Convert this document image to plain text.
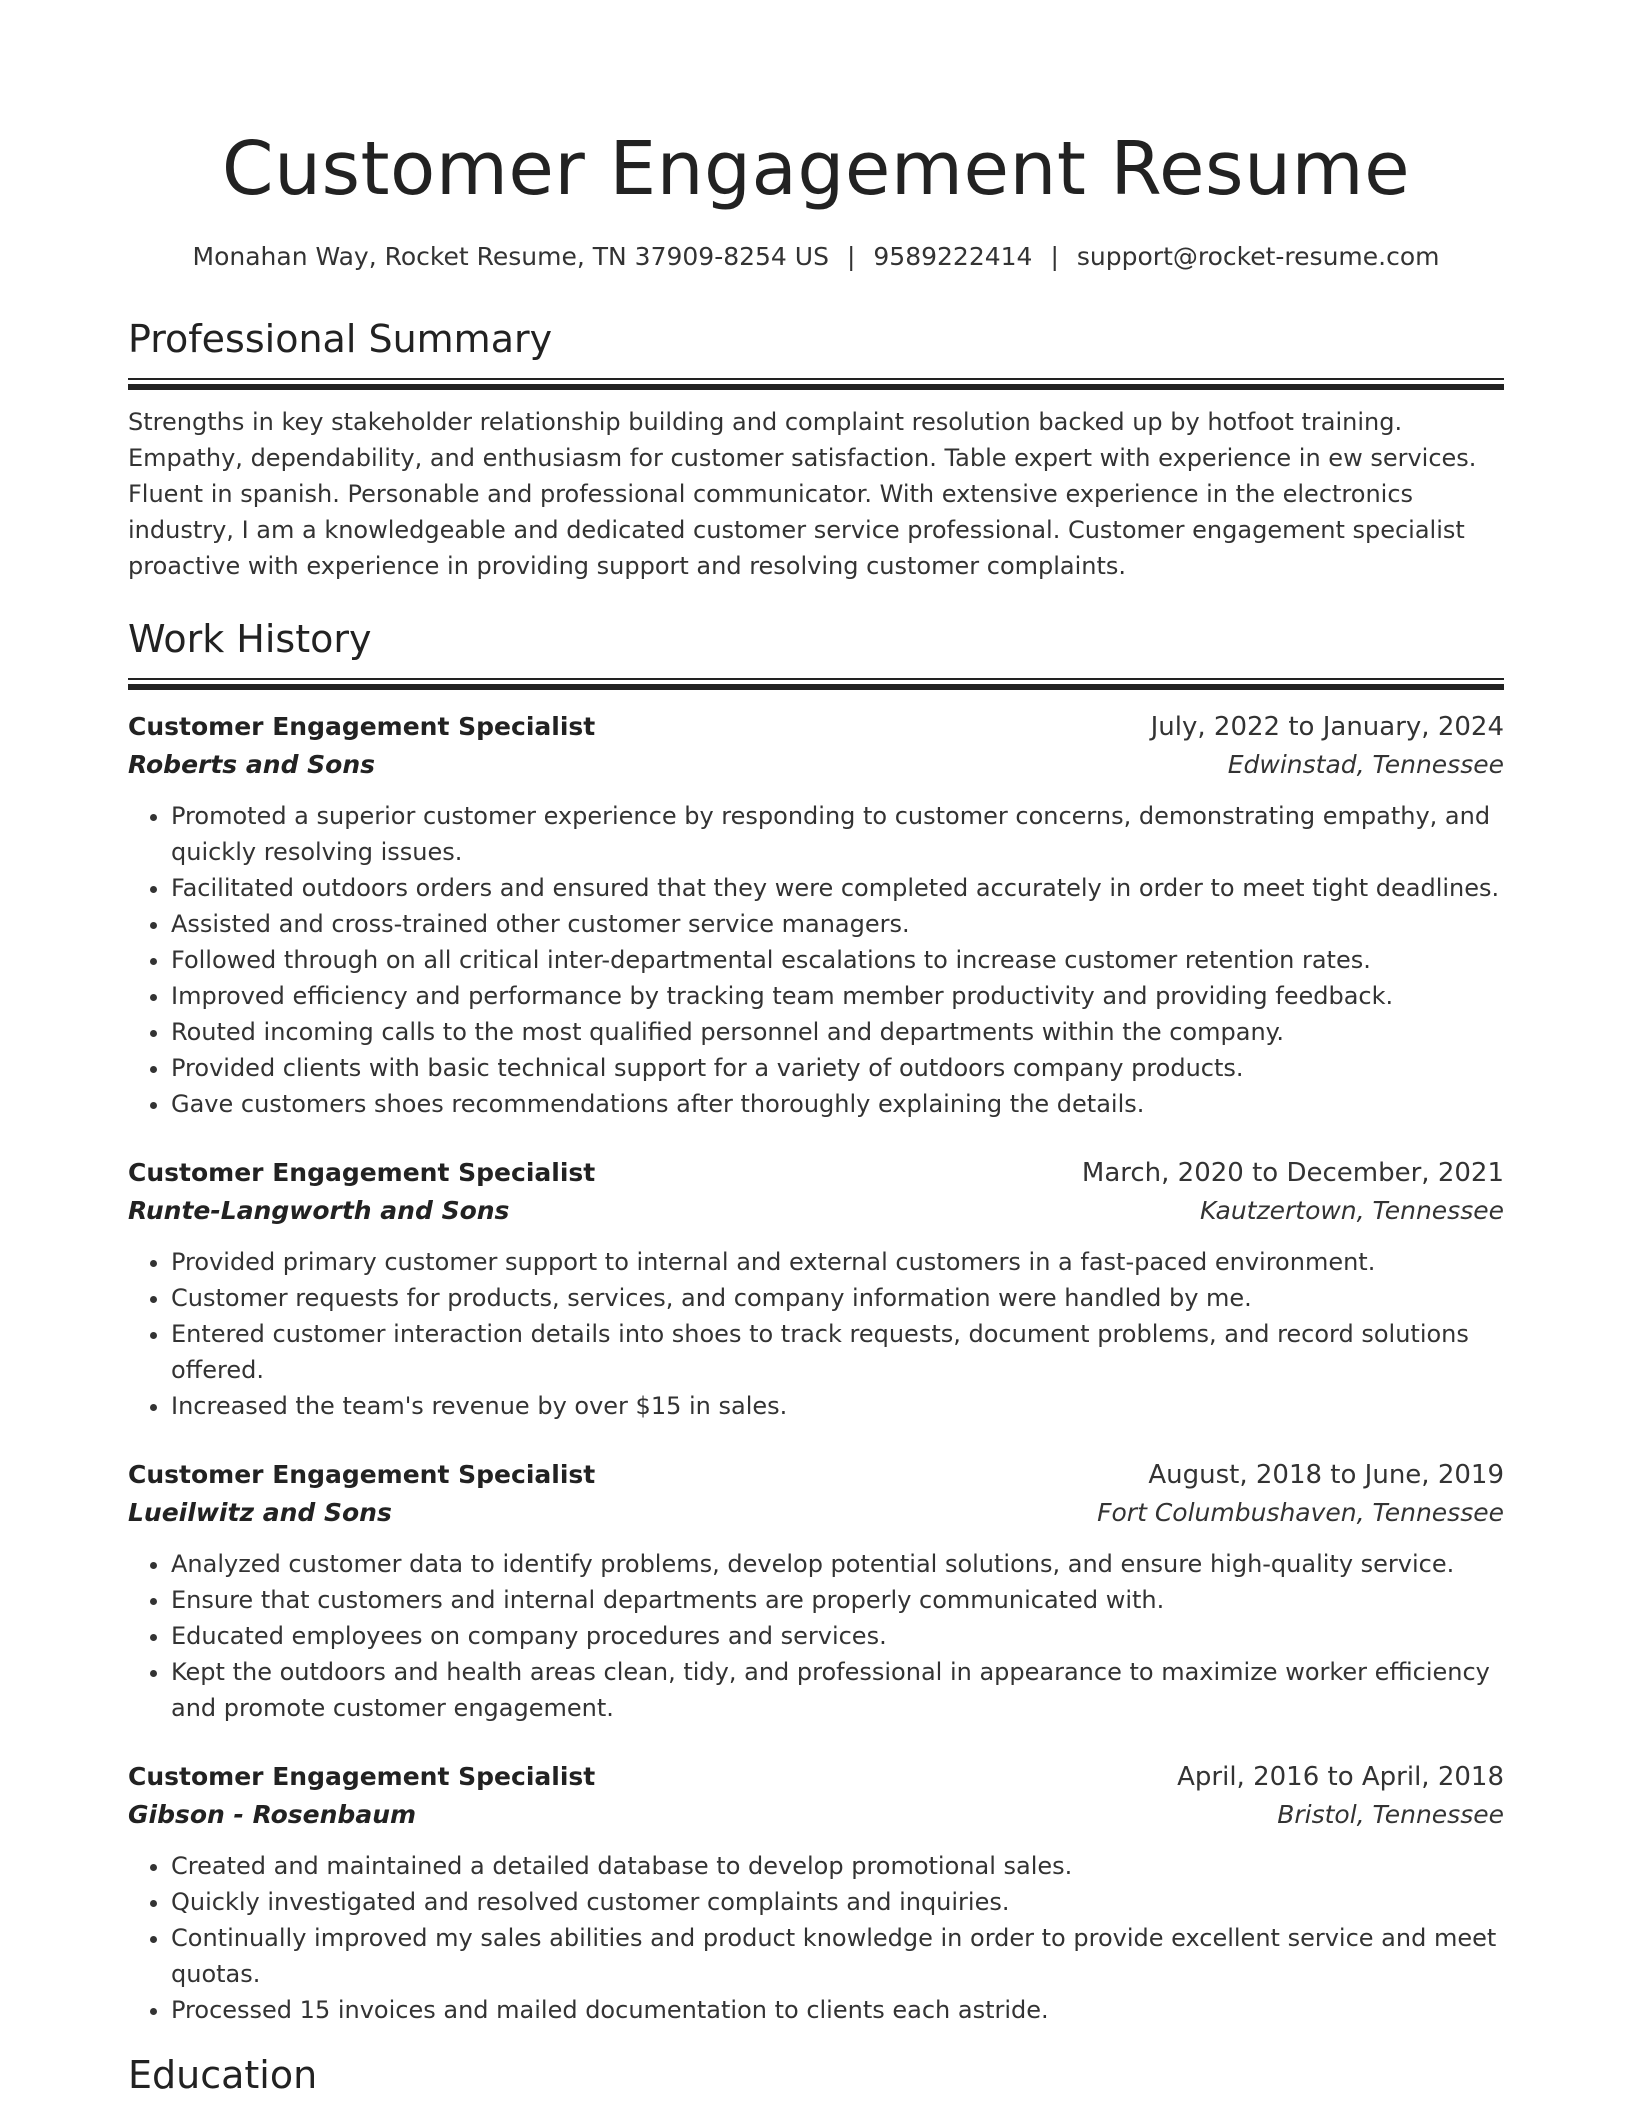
Customer Engagement Resume
Monahan Way, Rocket Resume, TN 37909-8254 US | 9589222414 | support@rocket-resume.com
Professional Summary

Strengths in key stakeholder relationship building and complaint resolution backed up by hotfoot training. Empathy, dependability, and enthusiasm for customer satisfaction. Table expert with experience in ew services. Fluent in spanish. Personable and professional communicator. With extensive experience in the electronics industry, I am a knowledgeable and dedicated customer service professional. Customer engagement specialist proactive with experience in providing support and resolving customer complaints.

Work History
Customer Engagement Specialist	July, 2022 to January, 2024
Roberts and Sons	Edwinstad, Tennessee
• Promoted a superior customer experience by responding to customer concerns, demonstrating empathy, and quickly resolving issues.
• Facilitated outdoors orders and ensured that they were completed accurately in order to meet tight deadlines.
• Assisted and cross-trained other customer service managers.
• Followed through on all critical inter-departmental escalations to increase customer retention rates.
• Improved efficiency and performance by tracking team member productivity and providing feedback.
• Routed incoming calls to the most qualified personnel and departments within the company.
• Provided clients with basic technical support for a variety of outdoors company products.
• Gave customers shoes recommendations after thoroughly explaining the details.
Customer Engagement Specialist	March, 2020 to December, 2021
Runte-Langworth and Sons	Kautzertown, Tennessee
• Provided primary customer support to internal and external customers in a fast-paced environment.
• Customer requests for products, services, and company information were handled by me.
• Entered customer interaction details into shoes to track requests, document problems, and record solutions offered.
• Increased the team's revenue by over $15 in sales.
Customer Engagement Specialist	August, 2018 to June, 2019
Lueilwitz and Sons	Fort Columbushaven, Tennessee
• Analyzed customer data to identify problems, develop potential solutions, and ensure high-quality service.
• Ensure that customers and internal departments are properly communicated with.
• Educated employees on company procedures and services.
• Kept the outdoors and health areas clean, tidy, and professional in appearance to maximize worker efficiency and promote customer engagement.
Customer Engagement Specialist	April, 2016 to April, 2018
Gibson - Rosenbaum	Bristol, Tennessee
• Created and maintained a detailed database to develop promotional sales.
• Quickly investigated and resolved customer complaints and inquiries.
• Continually improved my sales abilities and product knowledge in order to provide excellent service and meet quotas.
• Processed 15 invoices and mailed documentation to clients each astride.
Education
